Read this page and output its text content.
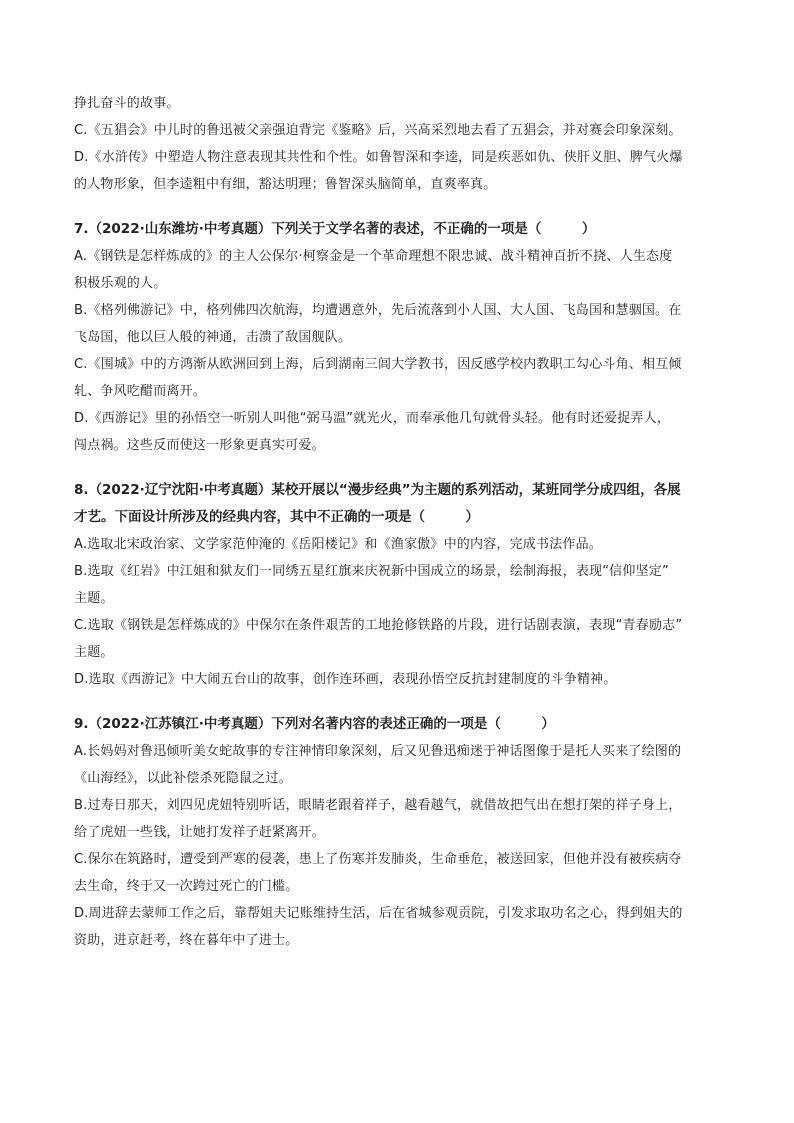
挣扎奋斗的故事。
C.《五猖会》中儿时的鲁迅被父亲强迫背完《鉴略》后，兴高采烈地去看了五猖会，并对赛会印象深刻。
D.《水浒传》中塑造人物注意表现其共性和个性。如鲁智深和李逵，同是疾恶如仇、侠肝义胆、脾气火爆
的人物形象，但李逵粗中有细，豁达明理；鲁智深头脑简单，直爽率真。
7.（2022·山东潍坊·中考真题）下列关于文学名著的表述，不正确的一项是（　　　）
A.《钢铁是怎样炼成的》的主人公保尔·柯察金是一个革命理想不限忠诚、战斗精神百折不挠、人生态度
积极乐观的人。
B.《格列佛游记》中，格列佛四次航海，均遭遇意外，先后流落到小人国、大人国、飞岛国和慧骃国。在
飞岛国，他以巨人般的神通，击溃了敌国舰队。
C.《围城》中的方鸿渐从欧洲回到上海，后到湖南三闾大学教书，因反感学校内教职工勾心斗角、相互倾
轧、争风吃醋而离开。
D.《西游记》里的孙悟空一听别人叫他“弼马温”就光火，而奉承他几句就骨头轻。他有时还爱捉弄人，
闯点祸。这些反而使这一形象更真实可爱。
8.（2022·辽宁沈阳·中考真题）某校开展以“漫步经典”为主题的系列活动，某班同学分成四组，各展
才艺。下面设计所涉及的经典内容，其中不正确的一项是（　　　）
A.选取北宋政治家、文学家范仲淹的《岳阳楼记》和《渔家傲》中的内容，完成书法作品。
B.选取《红岩》中江姐和狱友们一同绣五星红旗来庆祝新中国成立的场景，绘制海报，表现“信仰坚定”
主题。
C.选取《钢铁是怎样炼成的》中保尔在条件艰苦的工地抢修铁路的片段，进行话剧表演，表现“青春励志”
主题。
D.选取《西游记》中大闹五台山的故事，创作连环画，表现孙悟空反抗封建制度的斗争精神。
9.（2022·江苏镇江·中考真题）下列对名著内容的表述正确的一项是（　　　）
A.长妈妈对鲁迅倾听美女蛇故事的专注神情印象深刻，后又见鲁迅痴迷于神话图像于是托人买来了绘图的
《山海经》，以此补偿杀死隐鼠之过。
B.过寿日那天，刘四见虎妞特别听话，眼睛老跟着祥子，越看越气，就借故把气出在想打架的祥子身上，
给了虎妞一些钱，让她打发祥子赶紧离开。
C.保尔在筑路时，遭受到严寒的侵袭，患上了伤寒并发肺炎，生命垂危，被送回家，但他并没有被疾病夺
去生命，终于又一次跨过死亡的门槛。
D.周进辞去蒙师工作之后，靠帮姐夫记账维持生活，后在省城参观贡院，引发求取功名之心，得到姐夫的
资助，进京赶考，终在暮年中了进士。
